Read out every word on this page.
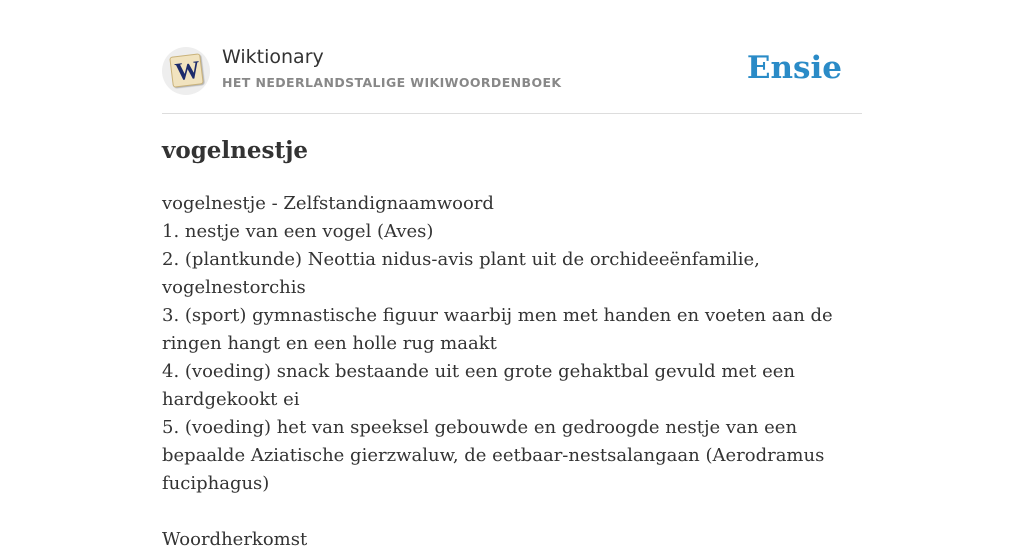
W Wiktionary
HET NEDERLANDSTALIGE WIKIWOORDENBOEK	Ensie
vogelnestje

vogelnestje - Zelfstandignaamwoord

1. nestje van een vogel (Aves)

2. (plantkunde) Neottia nidus-avis plant uit de orchideeënfamilie, vogelnestorchis

3. (sport) gymnastische figuur waarbij men met handen en voeten aan de ringen hangt en een holle rug maakt

4. (voeding) snack bestaande uit een grote gehaktbal gevuld met een hardgekookt ei

5. (voeding) het van speeksel gebouwde en gedroogde nestje van een bepaalde Aziatische gierzwaluw, de eetbaar-nestsalangaan (Aerodramus fuciphagus)

Woordherkomst
